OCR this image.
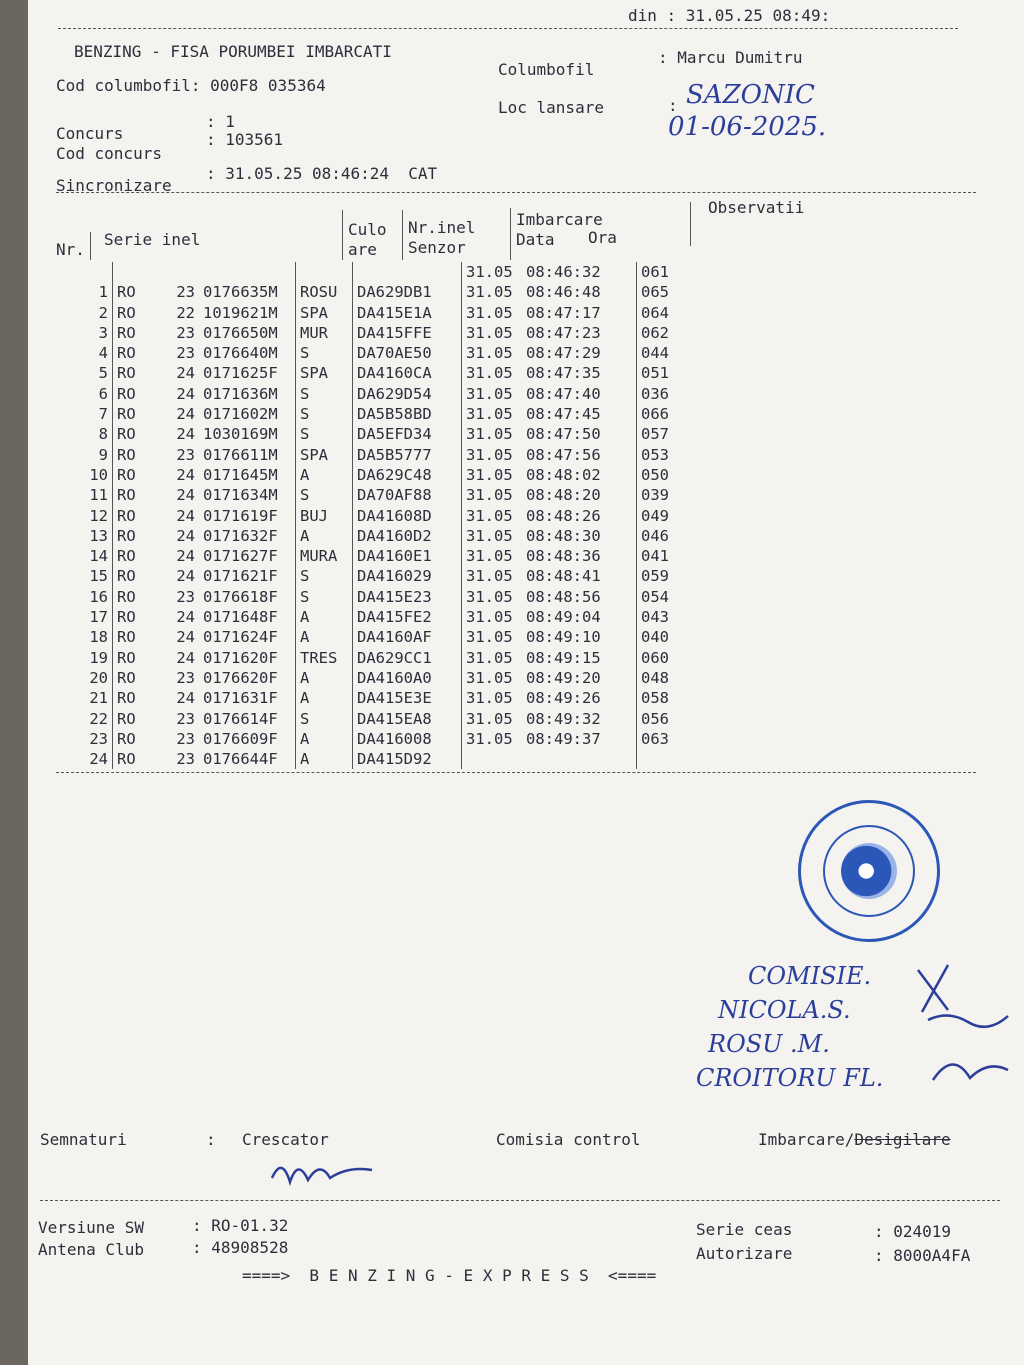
din : 31.05.25 08:49:
BENZING - FISA PORUMBEI IMBARCATI
Cod columbofil: 000F8 035364
Columbofil
: Marcu Dumitru
Loc lansare	: SAZONIC
01-06-2025.
Concurs
: 1
Cod concurs
: 103561
Sincronizare
: 31.05.25 08:46:24  CAT
Nr.
Serie inel
Culo
are
Nr.inel
Senzor
Imbarcare
Data Ora
Observatii
						31.05	08:46:32	061
1	RO	23	0176635M	ROSU	DA629DB1	31.05	08:46:48	065
2	RO	22	1019621M	SPA	DA415E1A	31.05	08:47:17	064
3	RO	23	0176650M	MUR	DA415FFE	31.05	08:47:23	062
4	RO	23	0176640M	S	DA70AE50	31.05	08:47:29	044
5	RO	24	0171625F	SPA	DA4160CA	31.05	08:47:35	051
6	RO	24	0171636M	S	DA629D54	31.05	08:47:40	036
7	RO	24	0171602M	S	DA5B58BD	31.05	08:47:45	066
8	RO	24	1030169M	S	DA5EFD34	31.05	08:47:50	057
9	RO	23	0176611M	SPA	DA5B5777	31.05	08:47:56	053
10	RO	24	0171645M	A	DA629C48	31.05	08:48:02	050
11	RO	24	0171634M	S	DA70AF88	31.05	08:48:20	039
12	RO	24	0171619F	BUJ	DA41608D	31.05	08:48:26	049
13	RO	24	0171632F	A	DA4160D2	31.05	08:48:30	046
14	RO	24	0171627F	MURA	DA4160E1	31.05	08:48:36	041
15	RO	24	0171621F	S	DA416029	31.05	08:48:41	059
16	RO	23	0176618F	S	DA415E23	31.05	08:48:56	054
17	RO	24	0171648F	A	DA415FE2	31.05	08:49:04	043
18	RO	24	0171624F	A	DA4160AF	31.05	08:49:10	040
19	RO	24	0171620F	TRES	DA629CC1	31.05	08:49:15	060
20	RO	23	0176620F	A	DA4160A0	31.05	08:49:20	048
21	RO	24	0171631F	A	DA415E3E	31.05	08:49:26	058
22	RO	23	0176614F	S	DA415EA8	31.05	08:49:32	056
23	RO	23	0176609F	A	DA416008	31.05	08:49:37	063
24	RO	23	0176644F	A	DA415D92			
COMISIE.
NICOLA.S.
ROSU .M.
CROITORU FL.
Semnaturi	: Crescator	Comisia control	Imbarcare/Desigilare
Versiune SW	: RO-01.32
Antena Club	: 48908528
Serie ceas	: 024019
Autorizare	: 8000A4FA
====>  B E N Z I N G - E X P R E S S  <====
